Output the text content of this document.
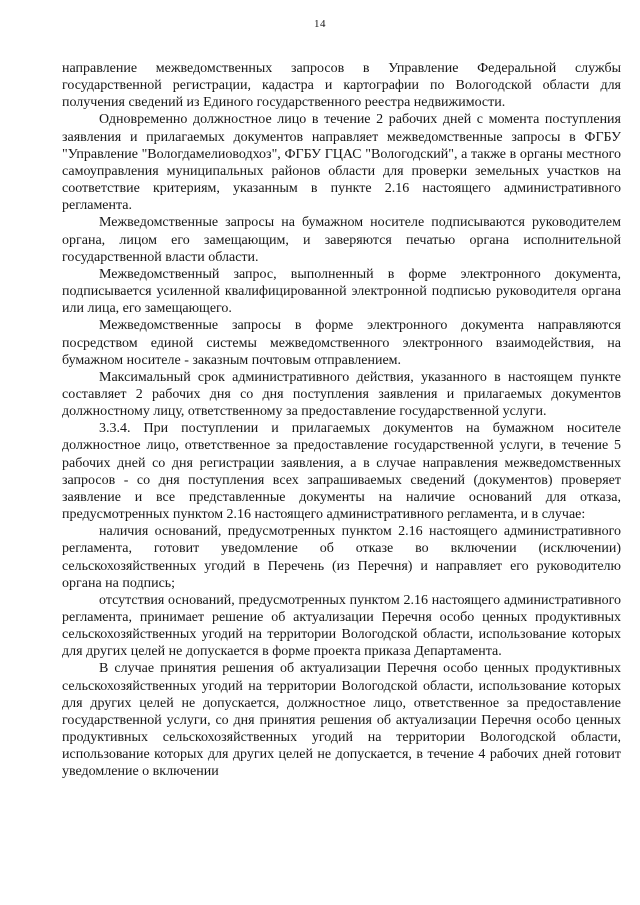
14

направление межведомственных запросов в Управление Федеральной службы государственной регистрации, кадастра и картографии по Вологодской области для получения сведений из Единого государственного реестра недвижимости.

Одновременно должностное лицо в течение 2 рабочих дней с момента поступления заявления и прилагаемых документов направляет межведомственные запросы в ФГБУ "Управление "Вологдамелиоводхоз", ФГБУ ГЦАС "Вологодский", а также в органы местного самоуправления муниципальных районов области для проверки земельных участков на соответствие критериям, указанным в пункте 2.16 настоящего административного регламента.

Межведомственные запросы на бумажном носителе подписываются руководителем органа, лицом его замещающим, и заверяются печатью органа исполнительной государственной власти области.

Межведомственный запрос, выполненный в форме электронного документа, подписывается усиленной квалифицированной электронной подписью руководителя органа или лица, его замещающего.

Межведомственные запросы в форме электронного документа направляются посредством единой системы межведомственного электронного взаимодействия, на бумажном носителе - заказным почтовым отправлением.

Максимальный срок административного действия, указанного в настоящем пункте составляет 2 рабочих дня со дня поступления заявления и прилагаемых документов должностному лицу, ответственному за предоставление государственной услуги.

3.3.4. При поступлении и прилагаемых документов на бумажном носителе должностное лицо, ответственное за предоставление государственной услуги, в течение 5 рабочих дней со дня регистрации заявления, а в случае направления межведомственных запросов - со дня поступления всех запрашиваемых сведений (документов) проверяет заявление и все представленные документы на наличие оснований для отказа, предусмотренных пунктом 2.16 настоящего административного регламента, и в случае:

наличия оснований, предусмотренных пунктом 2.16 настоящего административного регламента, готовит уведомление об отказе во включении (исключении) сельскохозяйственных угодий в Перечень (из Перечня) и направляет его руководителю органа на подпись;

отсутствия оснований, предусмотренных пунктом 2.16 настоящего административного регламента, принимает решение об актуализации Перечня особо ценных продуктивных сельскохозяйственных угодий на территории Вологодской области, использование которых для других целей не допускается в форме проекта приказа Департамента.

В случае принятия решения об актуализации Перечня особо ценных продуктивных сельскохозяйственных угодий на территории Вологодской области, использование которых для других целей не допускается, должностное лицо, ответственное за предоставление государственной услуги, со дня принятия решения об актуализации Перечня особо ценных продуктивных сельскохозяйственных угодий на территории Вологодской области, использование которых для других целей не допускается, в течение 4 рабочих дней готовит уведомление о включении
